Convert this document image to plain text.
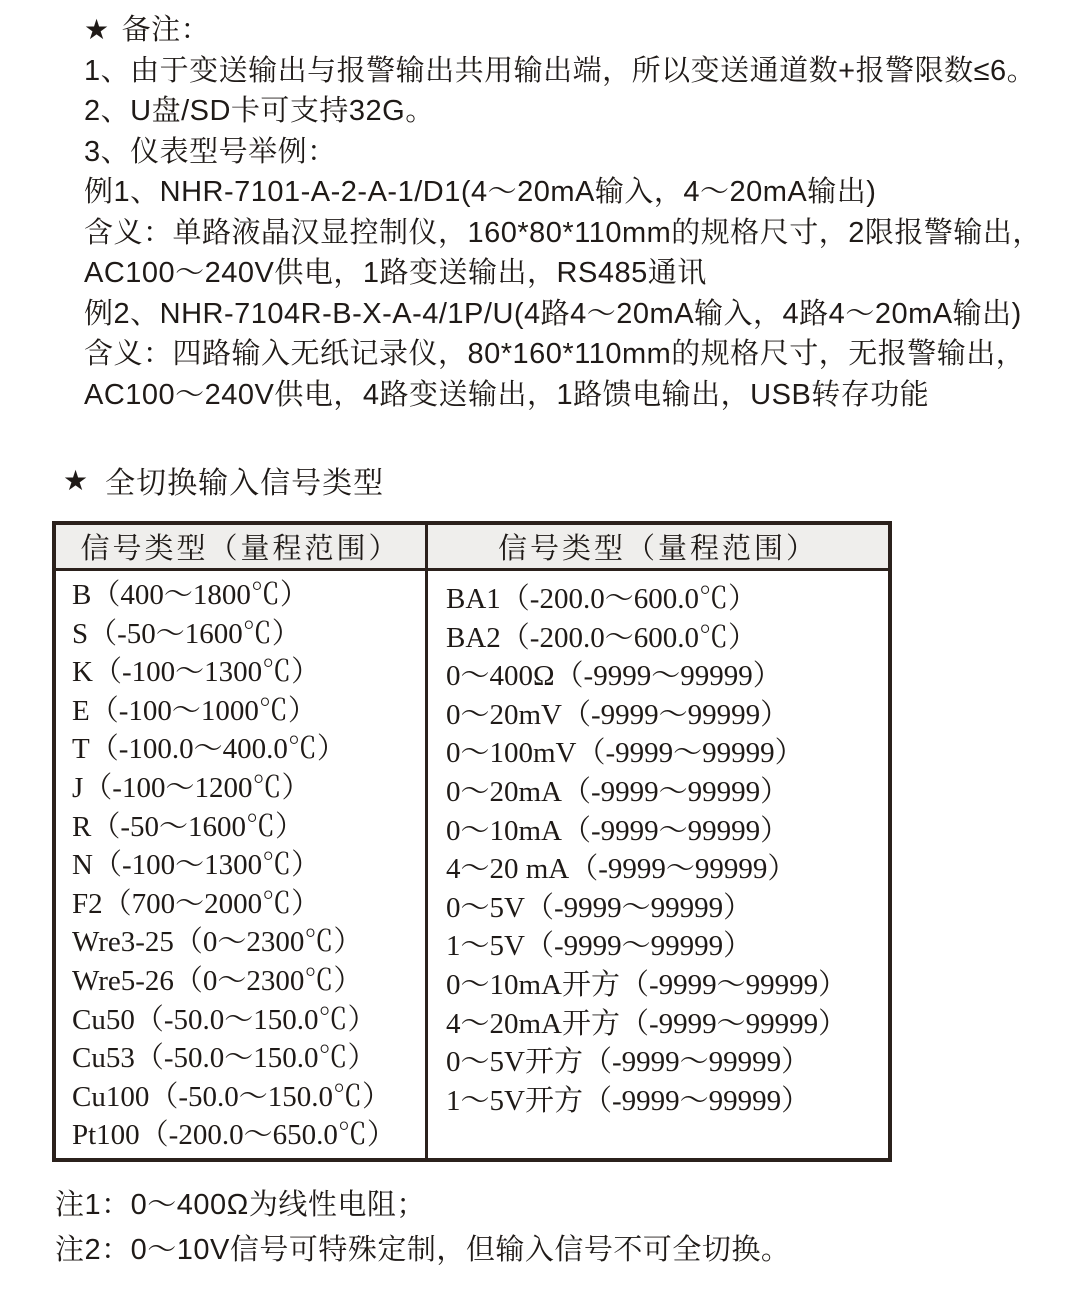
★ 备注：
1、由于变送输出与报警输出共用输出端，所以变送通道数+报警限数≤6。
2、U盘/SD卡可支持32G。
3、仪表型号举例：
例1、NHR-7101-A-2-A-1/D1(4～20mA输入，4～20mA输出)
含义：单路液晶汉显控制仪，160*80*110mm的规格尺寸，2限报警输出，
AC100～240V供电，1路变送输出，RS485通讯
例2、NHR-7104R-B-X-A-4/1P/U(4路4～20mA输入，4路4～20mA输出)
含义：四路输入无纸记录仪，80*160*110mm的规格尺寸，无报警输出，
AC100～240V供电，4路变送输出，1路馈电输出，USB转存功能
★ 全切换输入信号类型
信号类型（量程范围）	信号类型（量程范围）
B（400～1800℃）
S（-50～1600℃）
K（-100～1300℃）
E（-100～1000℃）
T（-100.0～400.0℃）
J（-100～1200℃）
R（-50～1600℃）
N（-100～1300℃）
F2（700～2000℃）
Wre3-25（0～2300℃）
Wre5-26（0～2300℃）
Cu50（-50.0～150.0℃）
Cu53（-50.0～150.0℃）
Cu100（-50.0～150.0℃）
Pt100（-200.0～650.0℃）
BA1（-200.0～600.0℃）
BA2（-200.0～600.0℃）
0～400Ω（-9999～99999）
0～20mV（-9999～99999）
0～100mV（-9999～99999）
0～20mA（-9999～99999）
0～10mA（-9999～99999）
4～20 mA（-9999～99999）
0～5V（-9999～99999）
1～5V（-9999～99999）
0～10mA开方（-9999～99999）
4～20mA开方（-9999～99999）
0～5V开方（-9999～99999）
1～5V开方（-9999～99999）
注1：0～400Ω为线性电阻；
注2：0～10V信号可特殊定制，但输入信号不可全切换。
